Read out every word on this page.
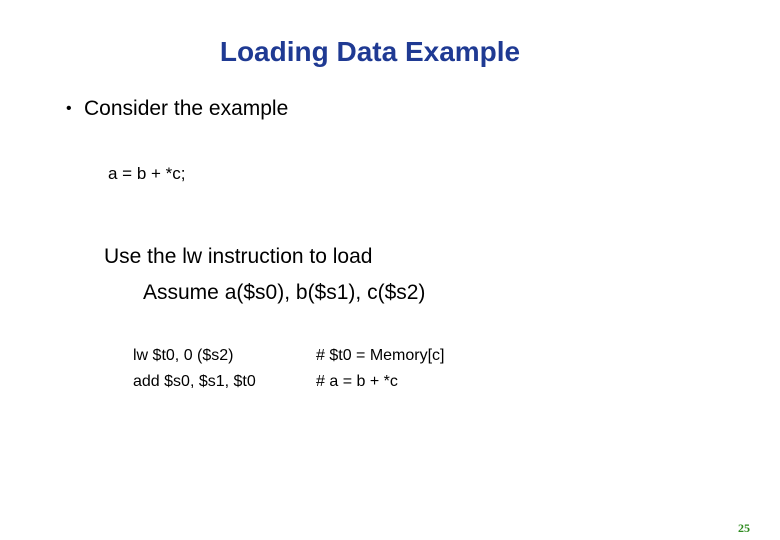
Loading Data Example
• Consider the example
a = b + *c;
Use the lw instruction to load
Assume a($s0), b($s1), c($s2)
lw $t0, 0 ($s2)	# $t0 = Memory[c]
add $s0, $s1, $t0	# a = b + *c
25
